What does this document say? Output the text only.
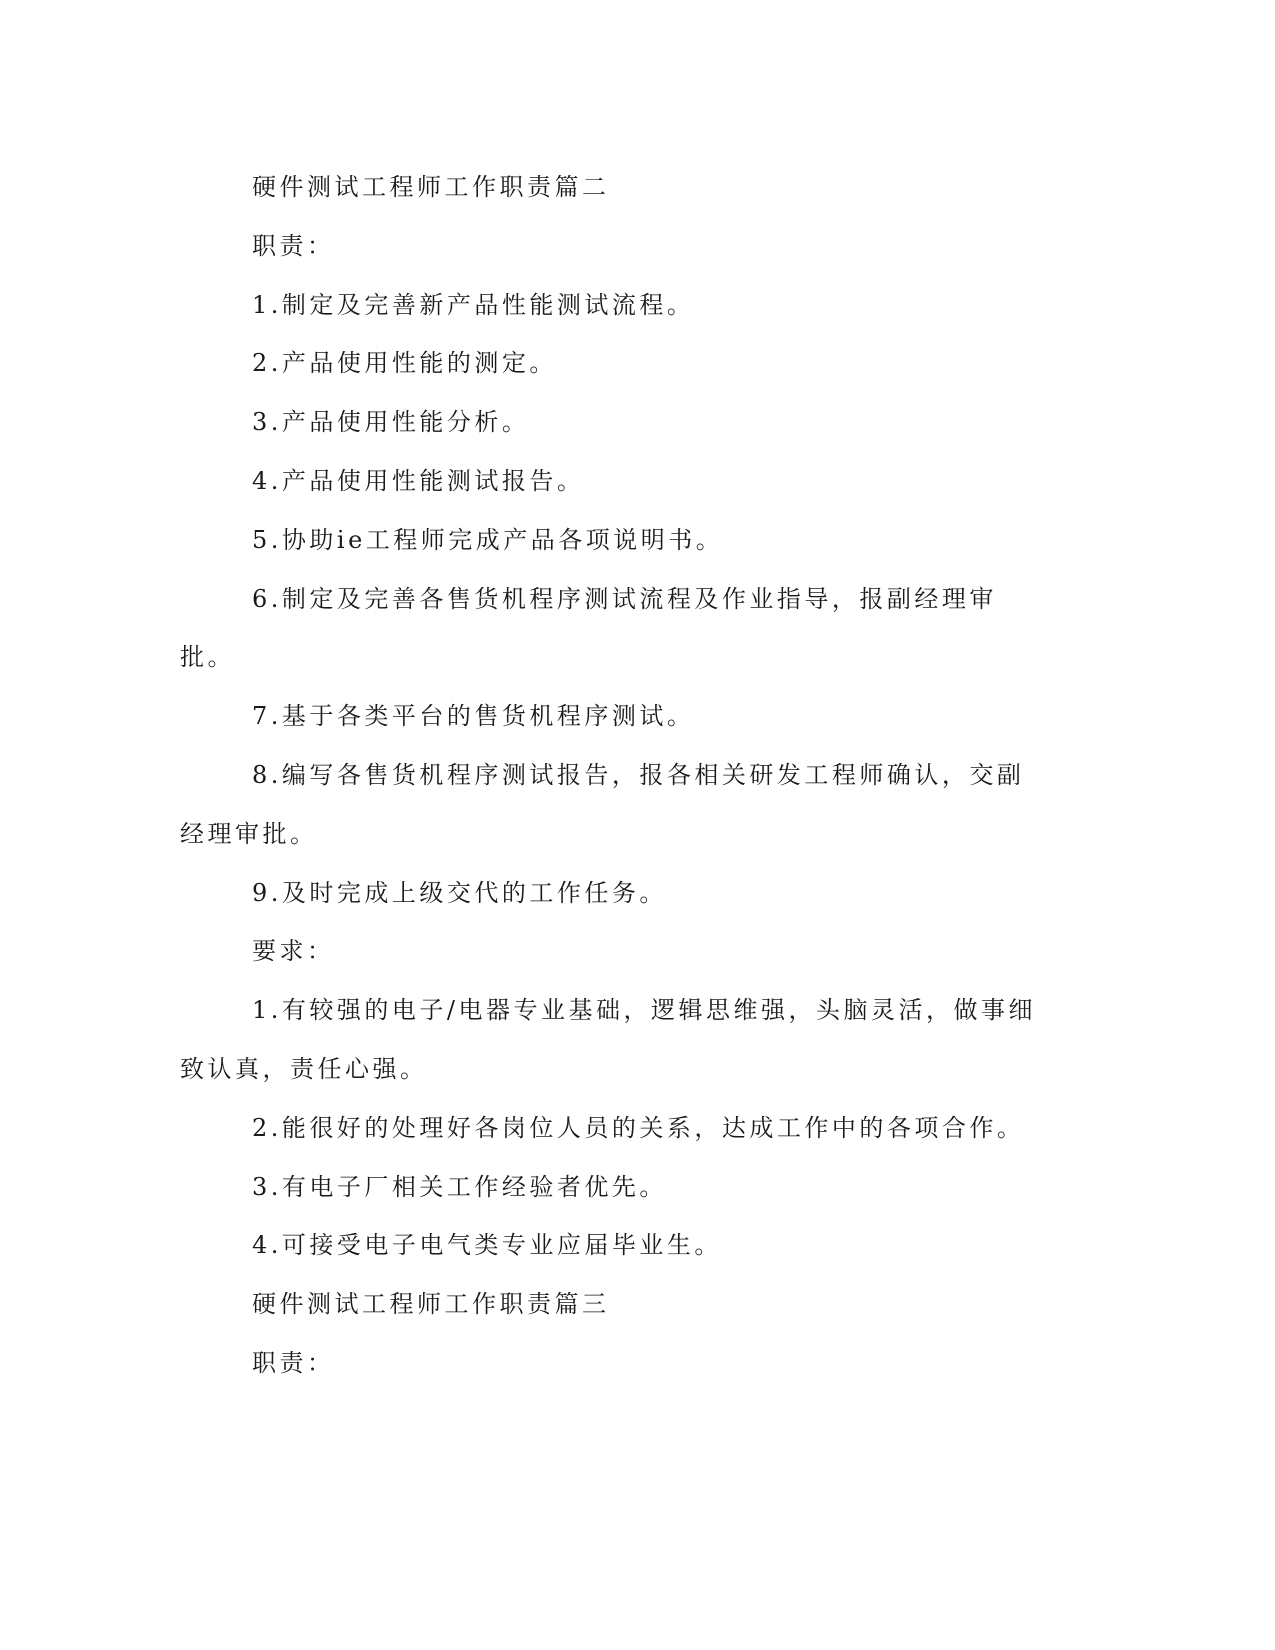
硬件测试工程师工作职责篇二

职责：

1.制定及完善新产品性能测试流程。

2.产品使用性能的测定。

3.产品使用性能分析。

4.产品使用性能测试报告。

5.协助ie工程师完成产品各项说明书。

6.制定及完善各售货机程序测试流程及作业指导，报副经理审批。

7.基于各类平台的售货机程序测试。

8.编写各售货机程序测试报告，报各相关研发工程师确认，交副经理审批。

9.及时完成上级交代的工作任务。

要求：

1.有较强的电子/电器专业基础，逻辑思维强，头脑灵活，做事细致认真，责任心强。

2.能很好的处理好各岗位人员的关系，达成工作中的各项合作。

3.有电子厂相关工作经验者优先。

4.可接受电子电气类专业应届毕业生。

硬件测试工程师工作职责篇三

职责：
